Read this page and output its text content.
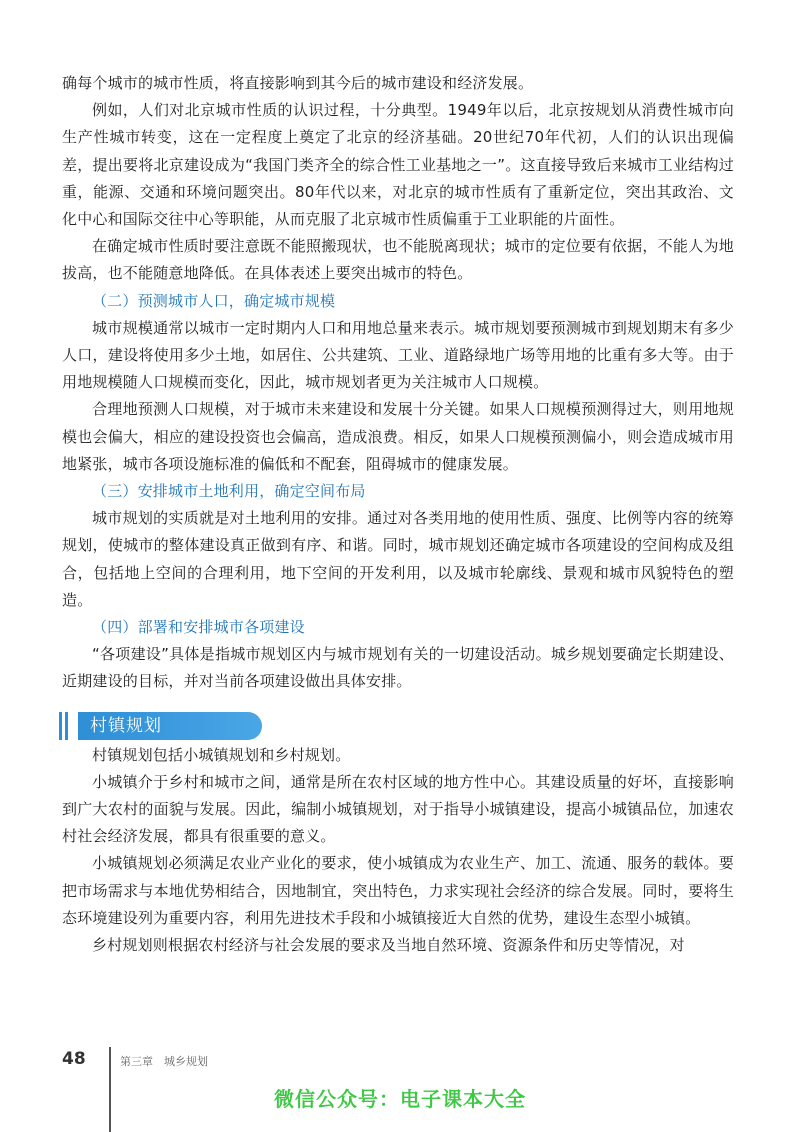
确每个城市的城市性质，将直接影响到其今后的城市建设和经济发展。

例如，人们对北京城市性质的认识过程，十分典型。1949年以后，北京按规划从消费性城市向生产性城市转变，这在一定程度上奠定了北京的经济基础。20世纪70年代初，人们的认识出现偏差，提出要将北京建设成为“我国门类齐全的综合性工业基地之一”。这直接导致后来城市工业结构过重，能源、交通和环境问题突出。80年代以来，对北京的城市性质有了重新定位，突出其政治、文化中心和国际交往中心等职能，从而克服了北京城市性质偏重于工业职能的片面性。

在确定城市性质时要注意既不能照搬现状，也不能脱离现状；城市的定位要有依据，不能人为地拔高，也不能随意地降低。在具体表述上要突出城市的特色。

（二）预测城市人口，确定城市规模

城市规模通常以城市一定时期内人口和用地总量来表示。城市规划要预测城市到规划期末有多少人口，建设将使用多少土地，如居住、公共建筑、工业、道路绿地广场等用地的比重有多大等。由于用地规模随人口规模而变化，因此，城市规划者更为关注城市人口规模。

合理地预测人口规模，对于城市未来建设和发展十分关键。如果人口规模预测得过大，则用地规模也会偏大，相应的建设投资也会偏高，造成浪费。相反，如果人口规模预测偏小，则会造成城市用地紧张，城市各项设施标准的偏低和不配套，阻碍城市的健康发展。

（三）安排城市土地利用，确定空间布局

城市规划的实质就是对土地利用的安排。通过对各类用地的使用性质、强度、比例等内容的统筹规划，使城市的整体建设真正做到有序、和谐。同时，城市规划还确定城市各项建设的空间构成及组合，包括地上空间的合理利用，地下空间的开发利用，以及城市轮廓线、景观和城市风貌特色的塑造。

（四）部署和安排城市各项建设

“各项建设”具体是指城市规划区内与城市规划有关的一切建设活动。城乡规划要确定长期建设、近期建设的目标，并对当前各项建设做出具体安排。

村镇规划

村镇规划包括小城镇规划和乡村规划。

小城镇介于乡村和城市之间，通常是所在农村区域的地方性中心。其建设质量的好坏，直接影响到广大农村的面貌与发展。因此，编制小城镇规划，对于指导小城镇建设，提高小城镇品位，加速农村社会经济发展，都具有很重要的意义。

小城镇规划必须满足农业产业化的要求，使小城镇成为农业生产、加工、流通、服务的载体。要把市场需求与本地优势相结合，因地制宜，突出特色，力求实现社会经济的综合发展。同时，要将生态环境建设列为重要内容，利用先进技术手段和小城镇接近大自然的优势，建设生态型小城镇。

乡村规划则根据农村经济与社会发展的要求及当地自然环境、资源条件和历史等情况，对

48	第三章　城乡规划
微信公众号：电子课本大全
